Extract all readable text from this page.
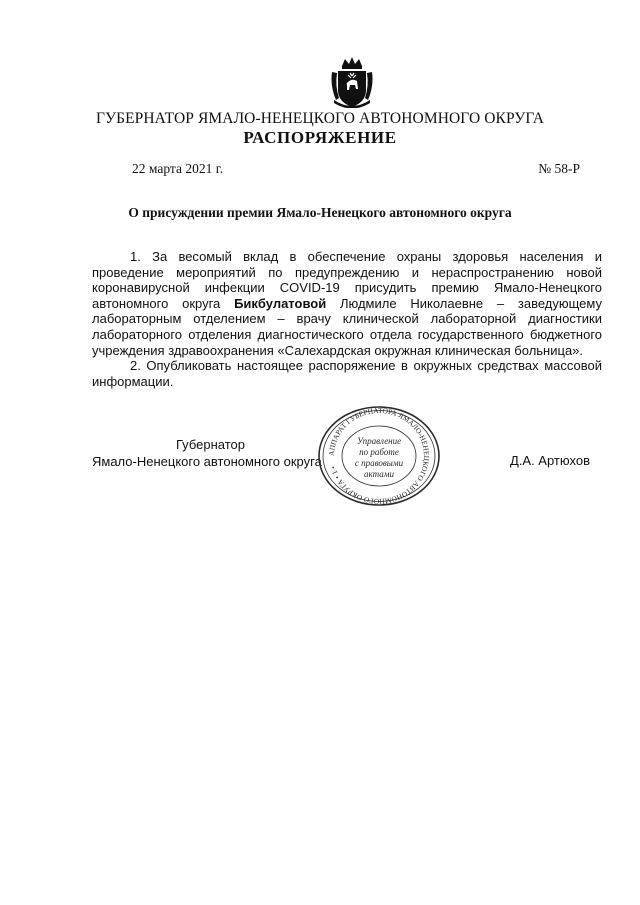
ГУБЕРНАТОР ЯМАЛО-НЕНЕЦКОГО АВТОНОМНОГО ОКРУГА
РАСПОРЯЖЕНИЕ
22 марта 2021 г.	№ 58-Р
О присуждении премии Ямало-Ненецкого автономного округа

1. За весомый вклад в обеспечение охраны здоровья населения и проведение мероприятий по предупреждению и нераспространению новой коронавирусной инфекции COVID-19 присудить премию Ямало-Ненецкого автономного округа Бикбулатовой Людмиле Николаевне – заведующему лабораторным отделением – врачу клинической лабораторной диагностики лабораторного отделения диагностического отдела государственного бюджетного учреждения здравоохранения «Салехардская окружная клиническая больница».

2. Опубликовать настоящее распоряжение в окружных средствах массовой информации.

Губернатор
Ямало-Ненецкого автономного округа	Д.А. Артюхов
АППАРАТ ГУБЕРНАТОРА ЯМАЛО-НЕНЕЦКОГО АВТОНОМНОГО ОКРУГА • 1 •
Управление
по работе
с правовыми
актами
